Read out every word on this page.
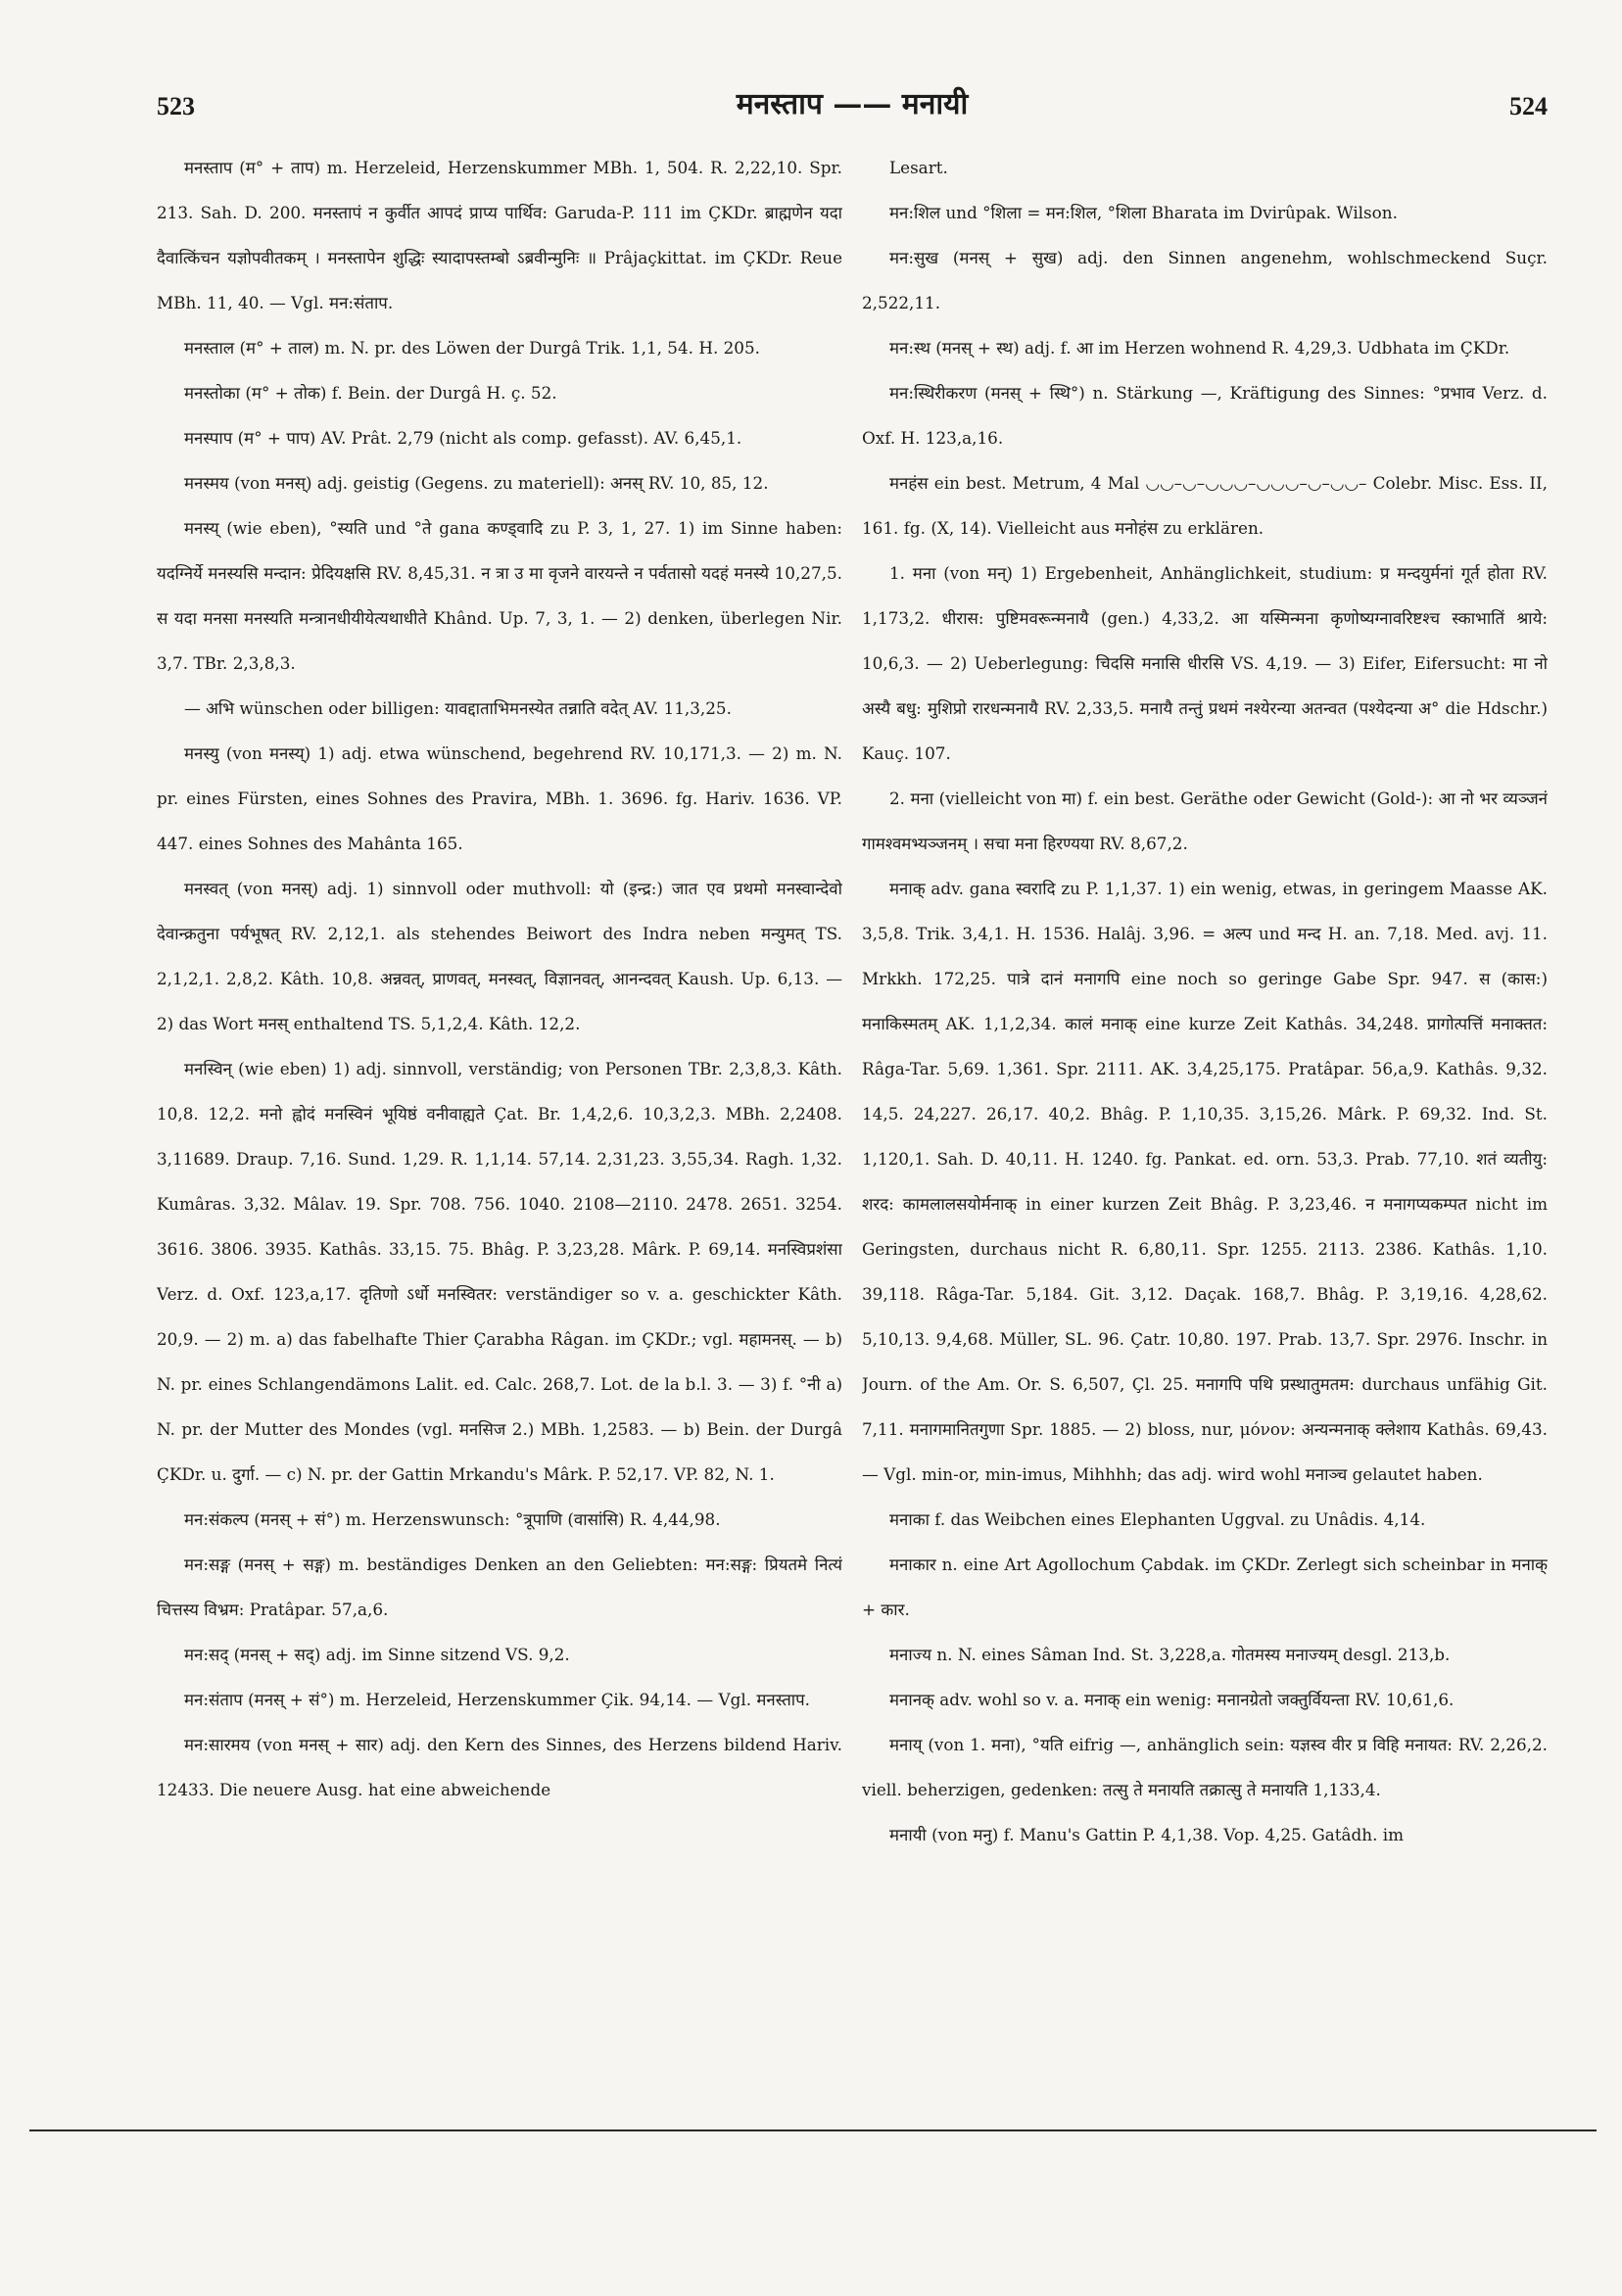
523	मनस्ताप —— मनायी	524

मनस्ताप (म° + ताप) m. Herzeleid, Herzenskummer MBh. 1, 504. R. 2,22,10. Spr. 213. Sah. D. 200. मनस्तापं न कुर्वीत आपदं प्राप्य पार्थिव: Garuda-P. 111 im ÇKDr. ब्राह्मणेन यदा दैवात्किंचन यज्ञोपवीतकम् । मनस्तापेन शुद्धिः स्यादापस्तम्बो ऽब्रवीन्मुनिः ॥ Prâjaçkittat. im ÇKDr. Reue MBh. 11, 40. — Vgl. मन:संताप.

मनस्ताल (म° + ताल) m. N. pr. des Löwen der Durgâ Trik. 1,1, 54. H. 205.

मनस्तोका (म° + तोक) f. Bein. der Durgâ H. ç. 52.

मनस्पाप (म° + पाप) AV. Prât. 2,79 (nicht als comp. gefasst). AV. 6,45,1.

मनस्मय (von मनस्) adj. geistig (Gegens. zu materiell): अनस् RV. 10, 85, 12.

मनस्य् (wie eben), °स्यति und °ते gana कण्ड्वादि zu P. 3, 1, 27. 1) im Sinne haben: यदग्निर्ये मनस्यसि मन्दान: प्रेदियक्षसि RV. 8,45,31. न त्रा उ मा वृजने वारयन्ते न पर्वतासो यदहं मनस्ये 10,27,5. स यदा मनसा मनस्यति मन्त्रानधीयीयेत्यथाधीते Khând. Up. 7, 3, 1. — 2) denken, überlegen Nir. 3,7. TBr. 2,3,8,3.

— अभि wünschen oder billigen: यावद्दाताभिमनस्येत तन्नाति वदेत् AV. 11,3,25.

मनस्यु (von मनस्य्) 1) adj. etwa wünschend, begehrend RV. 10,171,3. — 2) m. N. pr. eines Fürsten, eines Sohnes des Pravira, MBh. 1. 3696. fg. Hariv. 1636. VP. 447. eines Sohnes des Mahânta 165.

मनस्वत् (von मनस्) adj. 1) sinnvoll oder muthvoll: यो (इन्द्र:) जात एव प्रथमो मनस्वान्देवो देवान्क्रतुना पर्यभूषत् RV. 2,12,1. als stehendes Beiwort des Indra neben मन्युमत् TS. 2,1,2,1. 2,8,2. Kâth. 10,8. अन्नवत्, प्राणवत्, मनस्वत्, विज्ञानवत्, आनन्दवत् Kaush. Up. 6,13. — 2) das Wort मनस् enthaltend TS. 5,1,2,4. Kâth. 12,2.

मनस्विन् (wie eben) 1) adj. sinnvoll, verständig; von Personen TBr. 2,3,8,3. Kâth. 10,8. 12,2. मनो ह्वोदं मनस्विनं भूयिष्ठं वनीवाह्यते Çat. Br. 1,4,2,6. 10,3,2,3. MBh. 2,2408. 3,11689. Draup. 7,16. Sund. 1,29. R. 1,1,14. 57,14. 2,31,23. 3,55,34. Ragh. 1,32. Kumâras. 3,32. Mâlav. 19. Spr. 708. 756. 1040. 2108—2110. 2478. 2651. 3254. 3616. 3806. 3935. Kathâs. 33,15. 75. Bhâg. P. 3,23,28. Mârk. P. 69,14. मनस्विप्रशंसा Verz. d. Oxf. 123,a,17. दृतिणो ऽर्धो मनस्वितर: verständiger so v. a. geschickter Kâth. 20,9. — 2) m. a) das fabelhafte Thier Çarabha Râgan. im ÇKDr.; vgl. महामनस्. — b) N. pr. eines Schlangendämons Lalit. ed. Calc. 268,7. Lot. de la b.l. 3. — 3) f. °नी a) N. pr. der Mutter des Mondes (vgl. मनसिज 2.) MBh. 1,2583. — b) Bein. der Durgâ ÇKDr. u. दुर्गा. — c) N. pr. der Gattin Mrkandu's Mârk. P. 52,17. VP. 82, N. 1.

मन:संकल्प (मनस् + सं°) m. Herzenswunsch: °त्रूपाणि (वासांसि) R. 4,44,98.

मन:सङ्ग (मनस् + सङ्ग) m. beständiges Denken an den Geliebten: मन:सङ्ग: प्रियतमे नित्यं चित्तस्य विभ्रम: Pratâpar. 57,a,6.

मन:सद् (मनस् + सद्) adj. im Sinne sitzend VS. 9,2.

मन:संताप (मनस् + सं°) m. Herzeleid, Herzenskummer Çik. 94,14. — Vgl. मनस्ताप.

मन:सारमय (von मनस् + सार) adj. den Kern des Sinnes, des Herzens bildend Hariv. 12433. Die neuere Ausg. hat eine abweichende

Lesart.

मन:शिल und °शिला = मन:शिल, °शिला Bharata im Dvirûpak. Wilson.

मन:सुख (मनस् + सुख) adj. den Sinnen angenehm, wohlschmeckend Suçr. 2,522,11.

मन:स्थ (मनस् + स्थ) adj. f. आ im Herzen wohnend R. 4,29,3. Udbhata im ÇKDr.

मन:स्थिरीकरण (मनस् + स्थि°) n. Stärkung —, Kräftigung des Sinnes: °प्रभाव Verz. d. Oxf. H. 123,a,16.

मनहंस ein best. Metrum, 4 Mal ◡◡–◡–◡◡◡–◡◡◡–◡–◡◡– Colebr. Misc. Ess. II, 161. fg. (X, 14). Vielleicht aus मनोहंस zu erklären.

1. मना (von मन्) 1) Ergebenheit, Anhänglichkeit, studium: प्र मन्दयुर्मनां गूर्त होता RV. 1,173,2. धीरास: पुष्टिमवरून्मनायै (gen.) 4,33,2. आ यस्मिन्मना कृणोष्यग्नावरिष्टश्च स्काभातिं श्राये: 10,6,3. — 2) Ueberlegung: चिदसि मनासि धीरसि VS. 4,19. — 3) Eifer, Eifersucht: मा नो अस्यै बधु: मुशिप्रो रारधन्मनायै RV. 2,33,5. मनायै तन्तुं प्रथमं नश्येरन्या अतन्वत (पश्येदन्या अ° die Hdschr.) Kauç. 107.

2. मना (vielleicht von मा) f. ein best. Geräthe oder Gewicht (Gold-): आ नो भर व्यञ्जनं गामश्वमभ्यञ्जनम् । सचा मना हिरण्यया RV. 8,67,2.

मनाक् adv. gana स्वरादि zu P. 1,1,37. 1) ein wenig, etwas, in geringem Maasse AK. 3,5,8. Trik. 3,4,1. H. 1536. Halâj. 3,96. = अल्प und मन्द H. an. 7,18. Med. avj. 11. Mrkkh. 172,25. पात्रे दानं मनागपि eine noch so geringe Gabe Spr. 947. स (कास:) मनाकिस्मतम् AK. 1,1,2,34. कालं मनाक् eine kurze Zeit Kathâs. 34,248. प्रागोत्पत्तिं मनाक्तत: Râga-Tar. 5,69. 1,361. Spr. 2111. AK. 3,4,25,175. Pratâpar. 56,a,9. Kathâs. 9,32. 14,5. 24,227. 26,17. 40,2. Bhâg. P. 1,10,35. 3,15,26. Mârk. P. 69,32. Ind. St. 1,120,1. Sah. D. 40,11. H. 1240. fg. Pankat. ed. orn. 53,3. Prab. 77,10. शतं व्यतीयु: शरद: कामलालसयोर्मनाक् in einer kurzen Zeit Bhâg. P. 3,23,46. न मनागप्यकम्पत nicht im Geringsten, durchaus nicht R. 6,80,11. Spr. 1255. 2113. 2386. Kathâs. 1,10. 39,118. Râga-Tar. 5,184. Git. 3,12. Daçak. 168,7. Bhâg. P. 3,19,16. 4,28,62. 5,10,13. 9,4,68. Müller, SL. 96. Çatr. 10,80. 197. Prab. 13,7. Spr. 2976. Inschr. in Journ. of the Am. Or. S. 6,507, Çl. 25. मनागपि पथि प्रस्थातुमतम: durchaus unfähig Git. 7,11. मनागमानितगुणा Spr. 1885. — 2) bloss, nur, μόνον: अन्यन्मनाक् क्लेशाय Kathâs. 69,43. — Vgl. min-or, min-imus, Mihhhh; das adj. wird wohl मनाञ्च gelautet haben.

मनाका f. das Weibchen eines Elephanten Uggval. zu Unâdis. 4,14.

मनाकार n. eine Art Agollochum Çabdak. im ÇKDr. Zerlegt sich scheinbar in मनाक् + कार.

मनाज्य n. N. eines Sâman Ind. St. 3,228,a. गोतमस्य मनाज्यम् desgl. 213,b.

मनानक् adv. wohl so v. a. मनाक् ein wenig: मनानग्रेतो जक्तुर्वियन्ता RV. 10,61,6.

मनाय् (von 1. मना), °यति eifrig —, anhänglich sein: यज्ञस्व वीर प्र विहि मनायत: RV. 2,26,2. viell. beherzigen, gedenken: तत्सु ते मनायति तक्रात्सु ते मनायति 1,133,4.

मनायी (von मनु) f. Manu's Gattin P. 4,1,38. Vop. 4,25. Gatâdh. im
